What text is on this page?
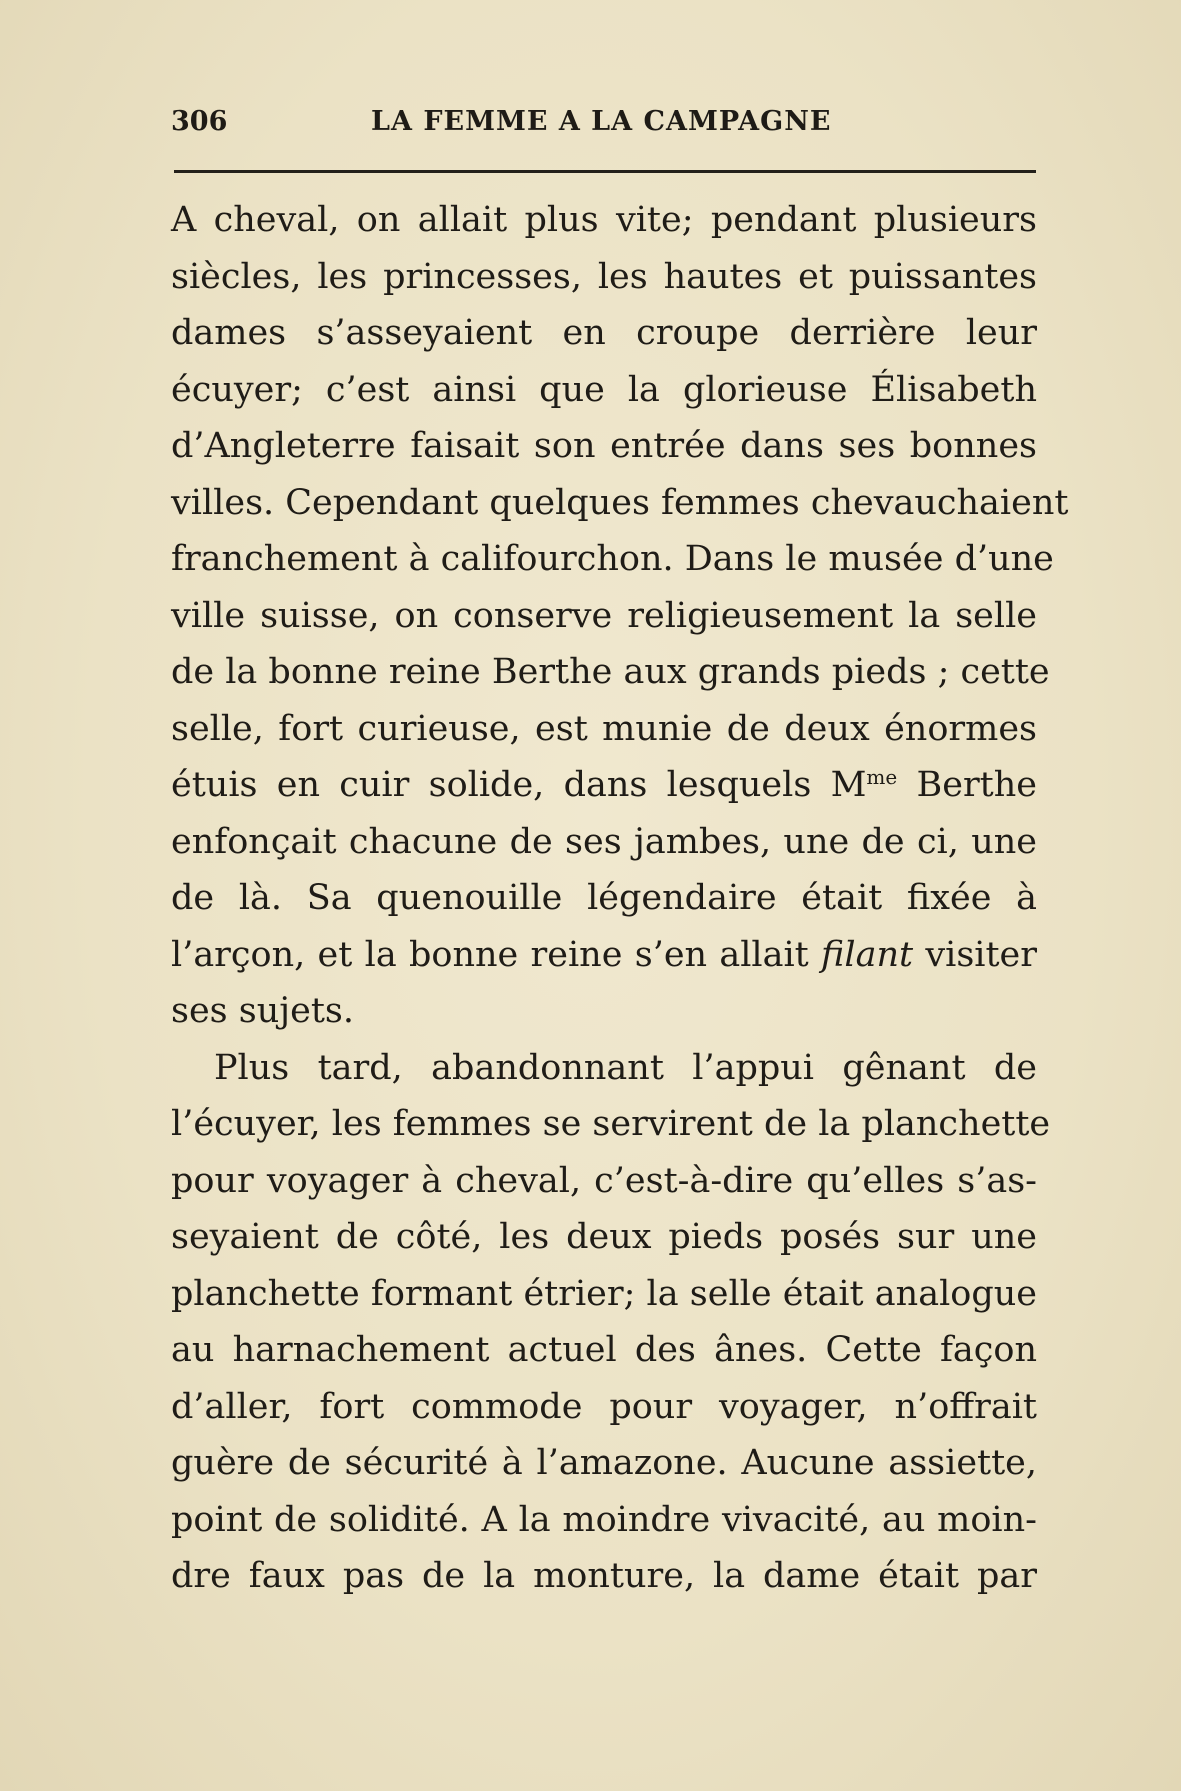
306	LA FEMME A LA CAMPAGNE
A cheval, on allait plus vite; pendant plusieurs
siècles, les princesses, les hautes et puissantes
dames s’asseyaient en croupe derrière leur
écuyer; c’est ainsi que la glorieuse Élisabeth
d’Angleterre faisait son entrée dans ses bonnes
villes. Cependant quelques femmes chevauchaient
franchement à califourchon. Dans le musée d’une
ville suisse, on conserve religieusement la selle
de la bonne reine Berthe aux grands pieds ; cette
selle, fort curieuse, est munie de deux énormes
étuis en cuir solide, dans lesquels $M^{me}$ Berthe
enfonçait chacune de ses jambes, une de ci, une
de là. Sa quenouille légendaire était fixée à
l’arçon, et la bonne reine s’en allait filant visiter
ses sujets.
Plus tard, abandonnant l’appui gênant de
l’écuyer, les femmes se servirent de la planchette
pour voyager à cheval, c’est-à-dire qu’elles s’as-
seyaient de côté, les deux pieds posés sur une
planchette formant étrier; la selle était analogue
au harnachement actuel des ânes. Cette façon
d’aller, fort commode pour voyager, n’offrait
guère de sécurité à l’amazone. Aucune assiette,
point de solidité. A la moindre vivacité, au moin-
dre faux pas de la monture, la dame était par
